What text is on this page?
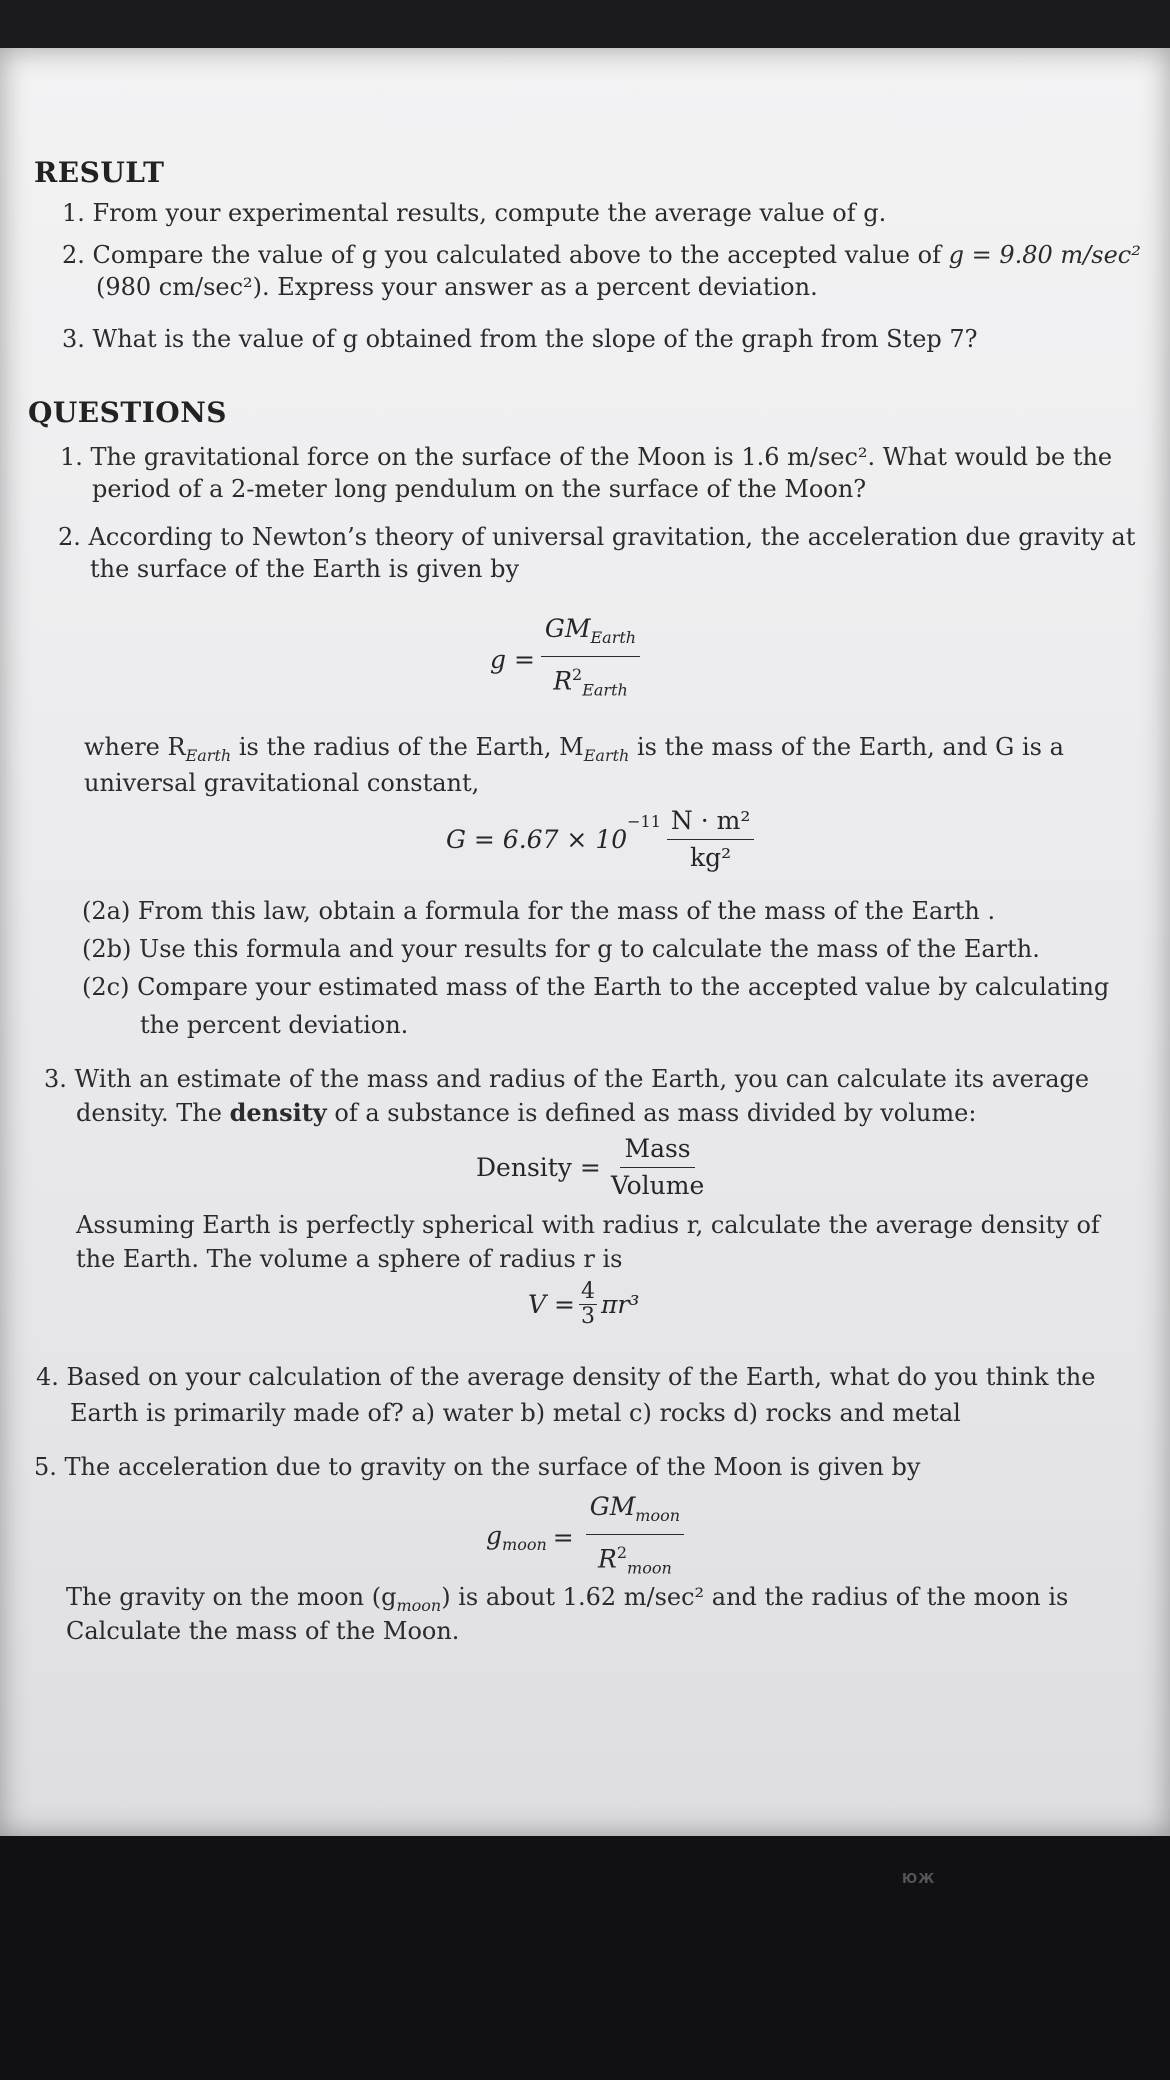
RESULT
1. From your experimental results, compute the average value of g.
2. Compare the value of g you calculated above to the accepted value of g = 9.80 m/sec²
(980 cm/sec²). Express your answer as a percent deviation.
3. What is the value of g obtained from the slope of the graph from Step 7?
QUESTIONS
1. The gravitational force on the surface of the Moon is 1.6 m/sec². What would be the
period of a 2-meter long pendulum on the surface of the Moon?
2. According to Newton’s theory of universal gravitation, the acceleration due gravity at
the surface of the Earth is given by
$g = \frac{GM_{Earth}}{R^2_{Earth}}$
where $R_{Earth}$ is the radius of the Earth, $M_{Earth}$ is the mass of the Earth, and G is a
universal gravitational constant,
G = 6.67 × 10
$^{-11} \frac{\text{N · m²}}{\text{kg²}}$
(2a) From this law, obtain a formula for the mass of the mass of the Earth .
(2b) Use this formula and your results for g to calculate the mass of the Earth.
(2c) Compare your estimated mass of the Earth to the accepted value by calculating
the percent deviation.
3. With an estimate of the mass and radius of the Earth, you can calculate its average
density. The density of a substance is defined as mass divided by volume:
Density = $\frac{\text{Mass}}{\text{Volume}}$
Assuming Earth is perfectly spherical with radius r, calculate the average density of
the Earth. The volume a sphere of radius r is
$V = \frac{4}{3} \pi r^3$
4. Based on your calculation of the average density of the Earth, what do you think the
Earth is primarily made of? a) water b) metal c) rocks d) rocks and metal
5. The acceleration due to gravity on the surface of the Moon is given by
$g_{moon} = \frac{GM_{moon}}{R^2_{moon}}$
The gravity on the moon $(g_{moon})$ is about 1.62 m/sec² and the radius of the moon is
Calculate the mass of the Moon.
ЮЖ
